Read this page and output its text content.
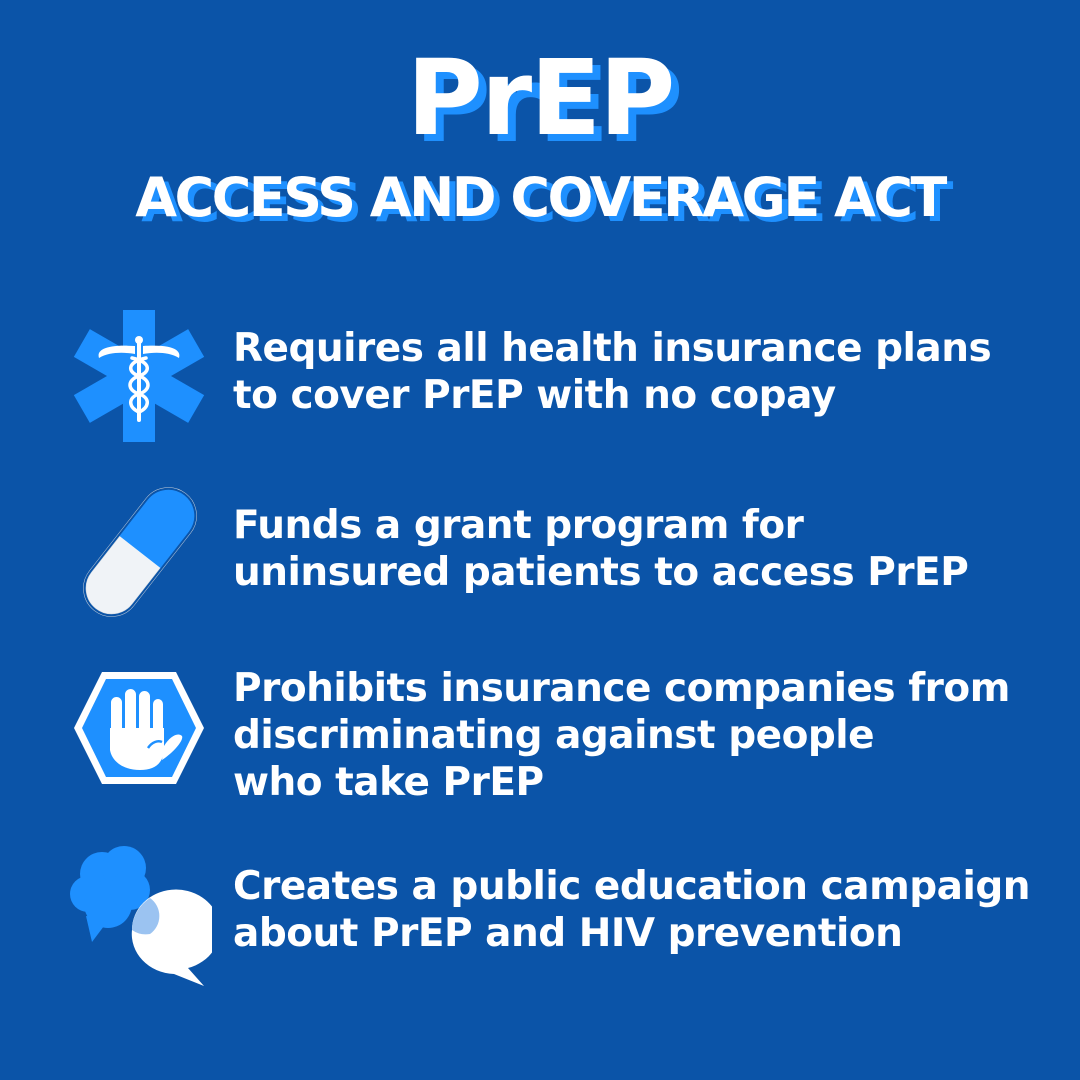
PrEP
ACCESS AND COVERAGE ACT
Requires all health insurance plans
to cover PrEP with no copay
Funds a grant program for
uninsured patients to access PrEP
Prohibits insurance companies from
discriminating against people
who take PrEP
Creates a public education campaign
about PrEP and HIV prevention
